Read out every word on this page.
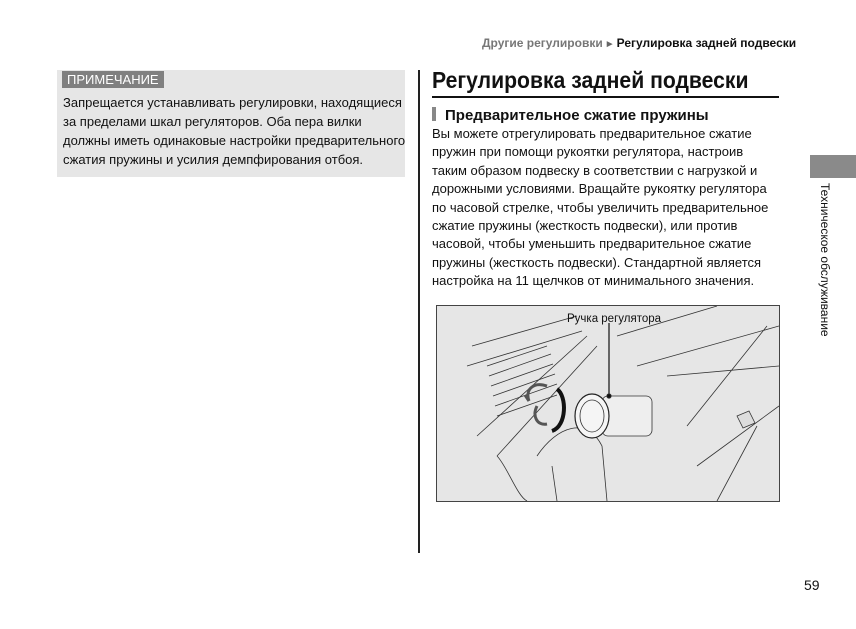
Другие регулировки ► Регулировка задней подвески
ПРИМЕЧАНИЕ
Запрещается устанавливать регулировки, находящиеся
за пределами шкал регуляторов. Оба пера вилки
должны иметь одинаковые настройки предварительного
сжатия пружины и усилия демпфирования отбоя.
Регулировка задней подвески
Предварительное сжатие пружины
Вы можете отрегулировать предварительное сжатие
пружин при помощи рукоятки регулятора, настроив
таким образом подвеску в соответствии с нагрузкой и
дорожными условиями. Вращайте рукоятку регулятора
по часовой стрелке, чтобы увеличить предварительное
сжатие пружины (жесткость подвески), или против
часовой, чтобы уменьшить предварительное сжатие
пружины (жесткость подвески). Стандартной является
настройка на 11 щелчков от минимального значения.
Ручка регулятора	Техническое обслуживание
59
